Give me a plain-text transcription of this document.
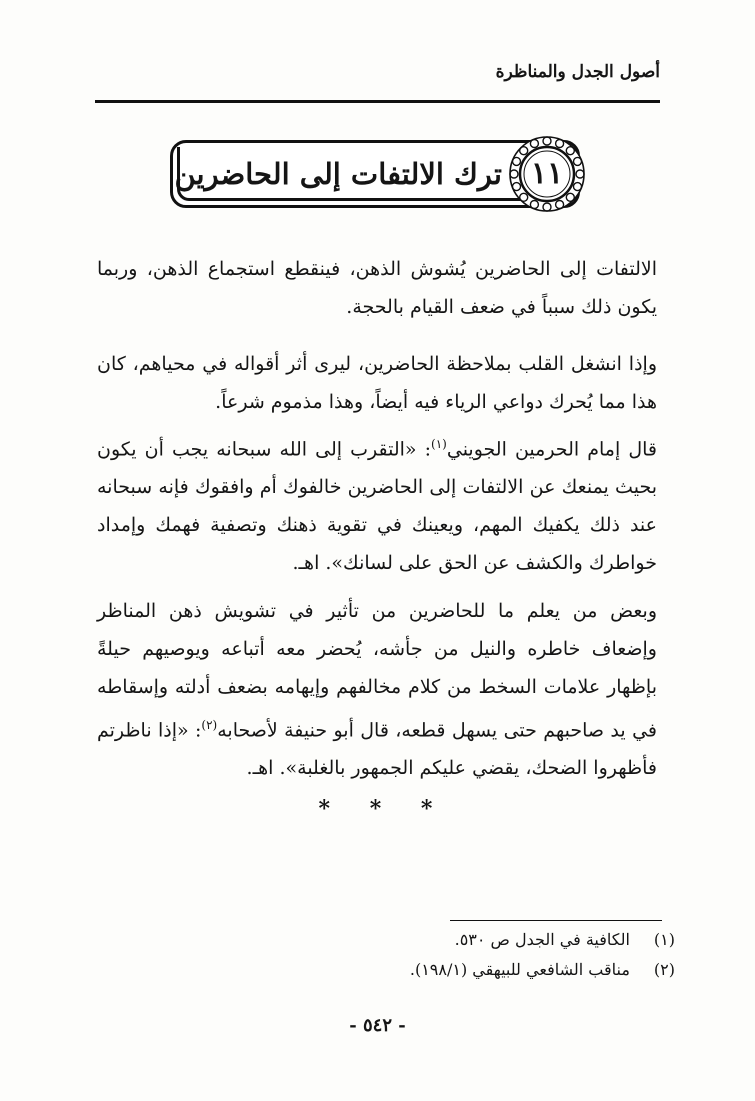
أصول الجدل والمناظرة
ترك الالتفات إلى الحاضرين ١١

الالتفات إلى الحاضرين يُشوش الذهن، فينقطع استجماع الذهن، وربما يكون ذلك سبباً في ضعف القيام بالحجة.

وإذا انشغل القلب بملاحظة الحاضرين، ليرى أثر أقواله في محياهم، كان هذا مما يُحرك دواعي الرياء فيه أيضاً، وهذا مذموم شرعاً.

قال إمام الحرمين الجويني$^{(١)}$: «التقرب إلى الله سبحانه يجب أن يكون بحيث يمنعك عن الالتفات إلى الحاضرين خالفوك أم وافقوك فإنه سبحانه عند ذلك يكفيك المهم، ويعينك في تقوية ذهنك وتصفية فهمك وإمداد خواطرك والكشف عن الحق على لسانك». اهـ.

وبعض من يعلم ما للحاضرين من تأثير في تشويش ذهن المناظر وإضعاف خاطره والنيل من جأشه، يُحضر معه أتباعه ويوصيهم حيلةً بإظهار علامات السخط من كلام مخالفهم وإيهامه بضعف أدلته وإسقاطه في يد صاحبهم حتى يسهل قطعه، قال أبو حنيفة لأصحابه$^{(٢)}$: «إذا ناظرتم فأظهروا الضحك، يقضي عليكم الجمهور بالغلبة». اهـ.

* * *
(١) الكافية في الجدل ص ٥٣٠.
(٢) مناقب الشافعي للبيهقي (١٩٨/١).
- ٥٤٢ -
